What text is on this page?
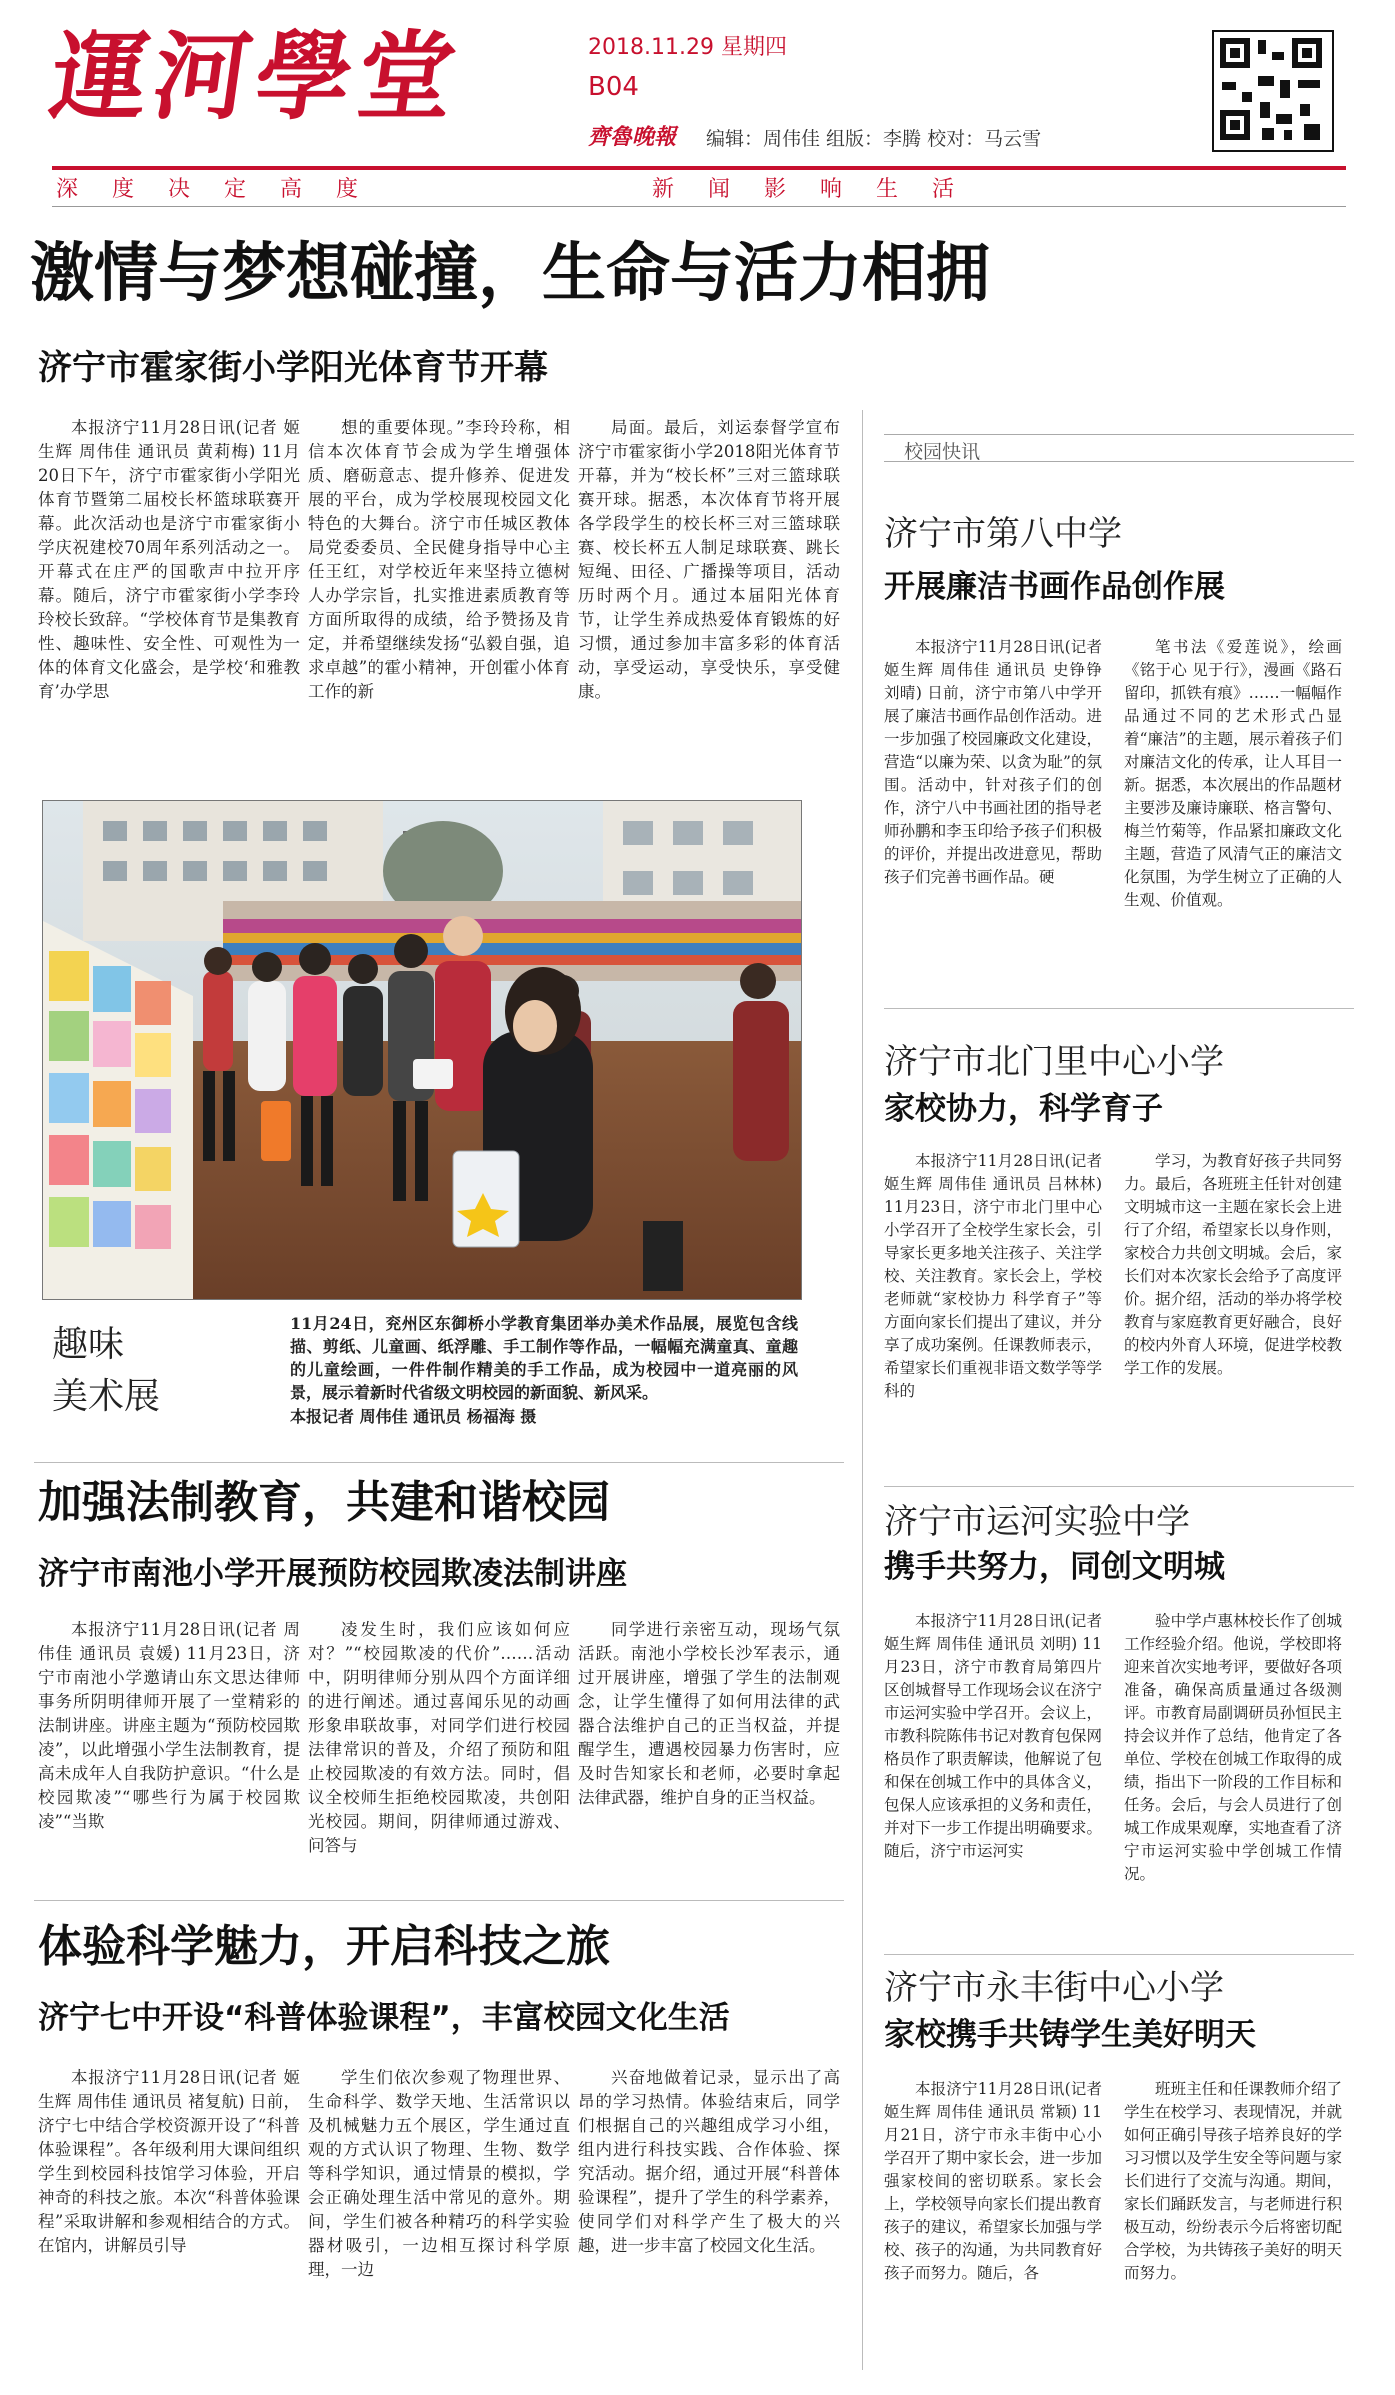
運河學堂	2018.11.29 星期四
B04
齊魯晚報 编辑：周伟佳 组版：李腾 校对：马云雪
深度决定高度	新闻影响生活
激情与梦想碰撞，生命与活力相拥
济宁市霍家街小学阳光体育节开幕

本报济宁11月28日讯(记者 姬生辉 周伟佳 通讯员 黄莉梅) 11月20日下午，济宁市霍家街小学阳光体育节暨第二届校长杯篮球联赛开幕。此次活动也是济宁市霍家街小学庆祝建校70周年系列活动之一。开幕式在庄严的国歌声中拉开序幕。随后，济宁市霍家街小学李玲玲校长致辞。“学校体育节是集教育性、趣味性、安全性、可观性为一体的体育文化盛会，是学校‘和雅教育’办学思

想的重要体现。”李玲玲称，相信本次体育节会成为学生增强体质、磨砺意志、提升修养、促进发展的平台，成为学校展现校园文化特色的大舞台。济宁市任城区教体局党委委员、全民健身指导中心主任王红，对学校近年来坚持立德树人办学宗旨，扎实推进素质教育等方面所取得的成绩，给予赞扬及肯定，并希望继续发扬“弘毅自强，追求卓越”的霍小精神，开创霍小体育工作的新

局面。最后，刘运泰督学宣布济宁市霍家街小学2018阳光体育节开幕，并为“校长杯”三对三篮球联赛开球。据悉，本次体育节将开展各学段学生的校长杯三对三篮球联赛、校长杯五人制足球联赛、跳长短绳、田径、广播操等项目，活动历时两个月。通过本届阳光体育节，让学生养成热爱体育锻炼的好习惯，通过参加丰富多彩的体育活动，享受运动，享受快乐，享受健康。

趣味
美术展
11月24日，兖州区东御桥小学教育集团举办美术作品展，展览包含线描、剪纸、儿童画、纸浮雕、手工制作等作品，一幅幅充满童真、童趣的儿童绘画，一件件制作精美的手工作品，成为校园中一道亮丽的风景，展示着新时代省级文明校园的新面貌、新风采。
本报记者 周伟佳 通讯员 杨福海 摄
加强法制教育，共建和谐校园
济宁市南池小学开展预防校园欺凌法制讲座

本报济宁11月28日讯(记者 周伟佳 通讯员 袁媛) 11月23日，济宁市南池小学邀请山东文思达律师事务所阴明律师开展了一堂精彩的法制讲座。讲座主题为“预防校园欺凌”，以此增强小学生法制教育，提高未成年人自我防护意识。“什么是校园欺凌”“哪些行为属于校园欺凌”“当欺

凌发生时，我们应该如何应对？”“校园欺凌的代价”……活动中，阴明律师分别从四个方面详细的进行阐述。通过喜闻乐见的动画形象串联故事，对同学们进行校园法律常识的普及，介绍了预防和阻止校园欺凌的有效方法。同时，倡议全校师生拒绝校园欺凌，共创阳光校园。期间，阴律师通过游戏、问答与

同学进行亲密互动，现场气氛活跃。南池小学校长沙军表示，通过开展讲座，增强了学生的法制观念，让学生懂得了如何用法律的武器合法维护自己的正当权益，并提醒学生，遭遇校园暴力伤害时，应及时告知家长和老师，必要时拿起法律武器，维护自身的正当权益。

体验科学魅力，开启科技之旅
济宁七中开设“科普体验课程”，丰富校园文化生活

本报济宁11月28日讯(记者 姬生辉 周伟佳 通讯员 褚复航) 日前，济宁七中结合学校资源开设了“科普体验课程”。各年级利用大课间组织学生到校园科技馆学习体验，开启神奇的科技之旅。本次“科普体验课程”采取讲解和参观相结合的方式。在馆内，讲解员引导

学生们依次参观了物理世界、生命科学、数学天地、生活常识以及机械魅力五个展区，学生通过直观的方式认识了物理、生物、数学等科学知识，通过情景的模拟，学会正确处理生活中常见的意外。期间，学生们被各种精巧的科学实验器材吸引，一边相互探讨科学原理，一边

兴奋地做着记录，显示出了高昂的学习热情。体验结束后，同学们根据自己的兴趣组成学习小组，组内进行科技实践、合作体验、探究活动。据介绍，通过开展“科普体验课程”，提升了学生的科学素养，使同学们对科学产生了极大的兴趣，进一步丰富了校园文化生活。

校园快讯
济宁市第八中学
开展廉洁书画作品创作展

本报济宁11月28日讯(记者 姬生辉 周伟佳 通讯员 史铮铮 刘晴) 日前，济宁市第八中学开展了廉洁书画作品创作活动。进一步加强了校园廉政文化建设，营造“以廉为荣、以贪为耻”的氛围。活动中，针对孩子们的创作，济宁八中书画社团的指导老师孙鹏和李玉印给予孩子们积极的评价，并提出改进意见，帮助孩子们完善书画作品。硬

笔书法《爱莲说》，绘画《铭于心 见于行》，漫画《路石留印，抓铁有痕》……一幅幅作品通过不同的艺术形式凸显着“廉洁”的主题，展示着孩子们对廉洁文化的传承，让人耳目一新。据悉，本次展出的作品题材主要涉及廉诗廉联、格言警句、梅兰竹菊等，作品紧扣廉政文化主题，营造了风清气正的廉洁文化氛围，为学生树立了正确的人生观、价值观。

济宁市北门里中心小学
家校协力，科学育子

本报济宁11月28日讯(记者 姬生辉 周伟佳 通讯员 吕林林) 11月23日，济宁市北门里中心小学召开了全校学生家长会，引导家长更多地关注孩子、关注学校、关注教育。家长会上，学校老师就“家校协力 科学育子”等方面向家长们提出了建议，并分享了成功案例。任课教师表示，希望家长们重视非语文数学等学科的

学习，为教育好孩子共同努力。最后，各班班主任针对创建文明城市这一主题在家长会上进行了介绍，希望家长以身作则，家校合力共创文明城。会后，家长们对本次家长会给予了高度评价。据介绍，活动的举办将学校教育与家庭教育更好融合，良好的校内外育人环境，促进学校教学工作的发展。

济宁市运河实验中学
携手共努力，同创文明城

本报济宁11月28日讯(记者 姬生辉 周伟佳 通讯员 刘明) 11月23日，济宁市教育局第四片区创城督导工作现场会议在济宁市运河实验中学召开。会议上，市教科院陈伟书记对教育包保网格员作了职责解读，他解说了包和保在创城工作中的具体含义，包保人应该承担的义务和责任，并对下一步工作提出明确要求。随后，济宁市运河实

验中学卢惠林校长作了创城工作经验介绍。他说，学校即将迎来首次实地考评，要做好各项准备，确保高质量通过各级测评。市教育局副调研员孙恒民主持会议并作了总结，他肯定了各单位、学校在创城工作取得的成绩，指出下一阶段的工作目标和任务。会后，与会人员进行了创城工作成果观摩，实地查看了济宁市运河实验中学创城工作情况。

济宁市永丰街中心小学
家校携手共铸学生美好明天

本报济宁11月28日讯(记者 姬生辉 周伟佳 通讯员 常颖) 11月21日，济宁市永丰街中心小学召开了期中家长会，进一步加强家校间的密切联系。家长会上，学校领导向家长们提出教育孩子的建议，希望家长加强与学校、孩子的沟通，为共同教育好孩子而努力。随后，各

班班主任和任课教师介绍了学生在校学习、表现情况，并就如何正确引导孩子培养良好的学习习惯以及学生安全等问题与家长们进行了交流与沟通。期间，家长们踊跃发言，与老师进行积极互动，纷纷表示今后将密切配合学校，为共铸孩子美好的明天而努力。
